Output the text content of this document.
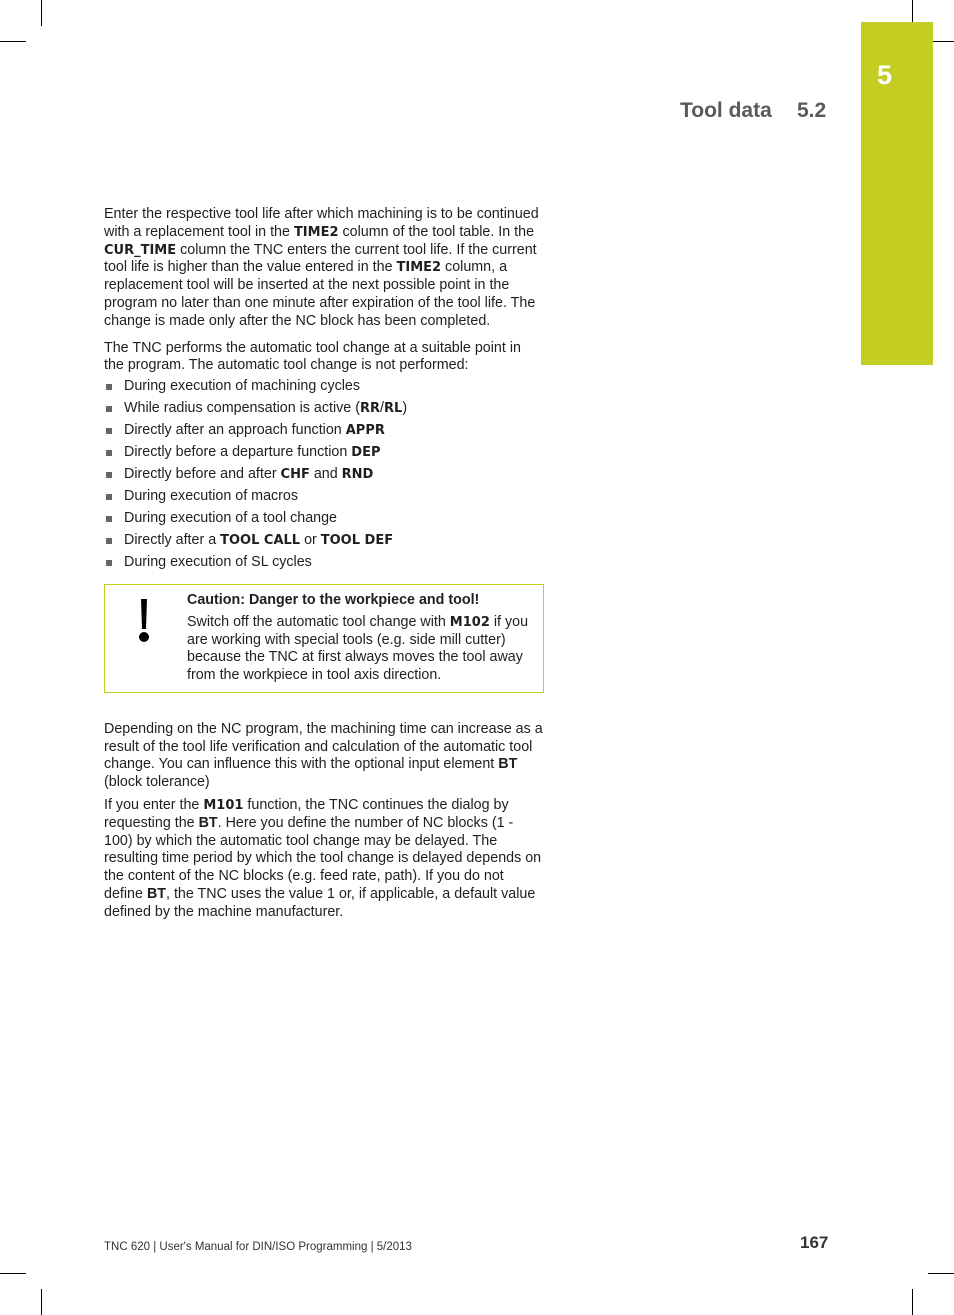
5
Tool data 5.2

Enter the respective tool life after which machining is to be continued with a replacement tool in the TIME2 column of the tool table. In the CUR_TIME column the TNC enters the current tool life. If the current tool life is higher than the value entered in the TIME2 column, a replacement tool will be inserted at the next possible point in the program no later than one minute after expiration of the tool life. The change is made only after the NC block has been completed.

The TNC performs the automatic tool change at a suitable point in the program. The automatic tool change is not performed:

During execution of machining cycles
While radius compensation is active (RR/RL)
Directly after an approach function APPR
Directly before a departure function DEP
Directly before and after CHF and RND
During execution of macros
During execution of a tool change
Directly after a TOOL CALL or TOOL DEF
During execution of SL cycles
Caution: Danger to the workpiece and tool!
Switch off the automatic tool change with M102 if you are working with special tools (e.g. side mill cutter) because the TNC at first always moves the tool away from the workpiece in tool axis direction.

Depending on the NC program, the machining time can increase as a result of the tool life verification and calculation of the automatic tool change. You can influence this with the optional input element BT (block tolerance)

If you enter the M101 function, the TNC continues the dialog by requesting the BT. Here you define the number of NC blocks (1 - 100) by which the automatic tool change may be delayed. The resulting time period by which the tool change is delayed depends on the content of the NC blocks (e.g. feed rate, path). If you do not define BT, the TNC uses the value 1 or, if applicable, a default value defined by the machine manufacturer.

TNC 620 | User's Manual for DIN/ISO Programming | 5/2013	167
